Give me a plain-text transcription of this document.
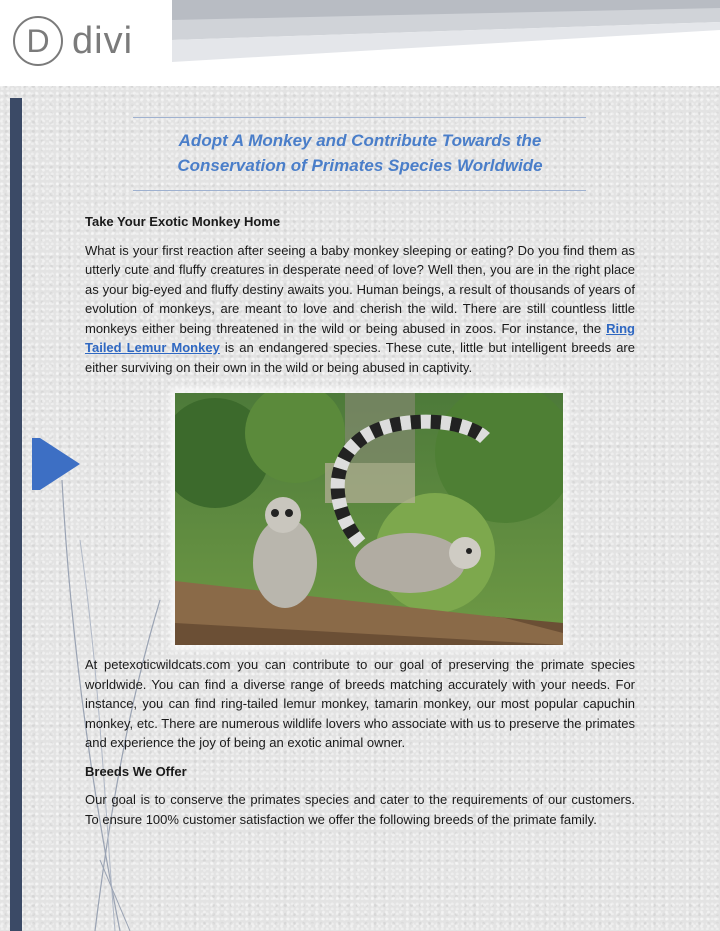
D divi
Adopt A Monkey and Contribute Towards the
Conservation of Primates Species Worldwide
Take Your Exotic Monkey Home
What is your first reaction after seeing a baby monkey sleeping or eating? Do you find them as utterly cute and fluffy creatures in desperate need of love? Well then, you are in the right place as your big-eyed and fluffy destiny awaits you. Human beings, a result of thousands of years of evolution of monkeys, are meant to love and cherish the wild. There are still countless little monkeys either being threatened in the wild or being abused in zoos. For instance, the Ring Tailed Lemur Monkey is an endangered species. These cute, little but intelligent breeds are either surviving on their own in the wild or being abused in captivity.
At petexoticwildcats.com you can contribute to our goal of preserving the primate species worldwide. You can find a diverse range of breeds matching accurately with your needs. For instance, you can find ring-tailed lemur monkey, tamarin monkey, our most popular capuchin monkey, etc. There are numerous wildlife lovers who associate with us to preserve the primates and experience the joy of being an exotic animal owner.
Breeds We Offer
Our goal is to conserve the primates species and cater to the requirements of our customers. To ensure 100% customer satisfaction we offer the following breeds of the primate family.
